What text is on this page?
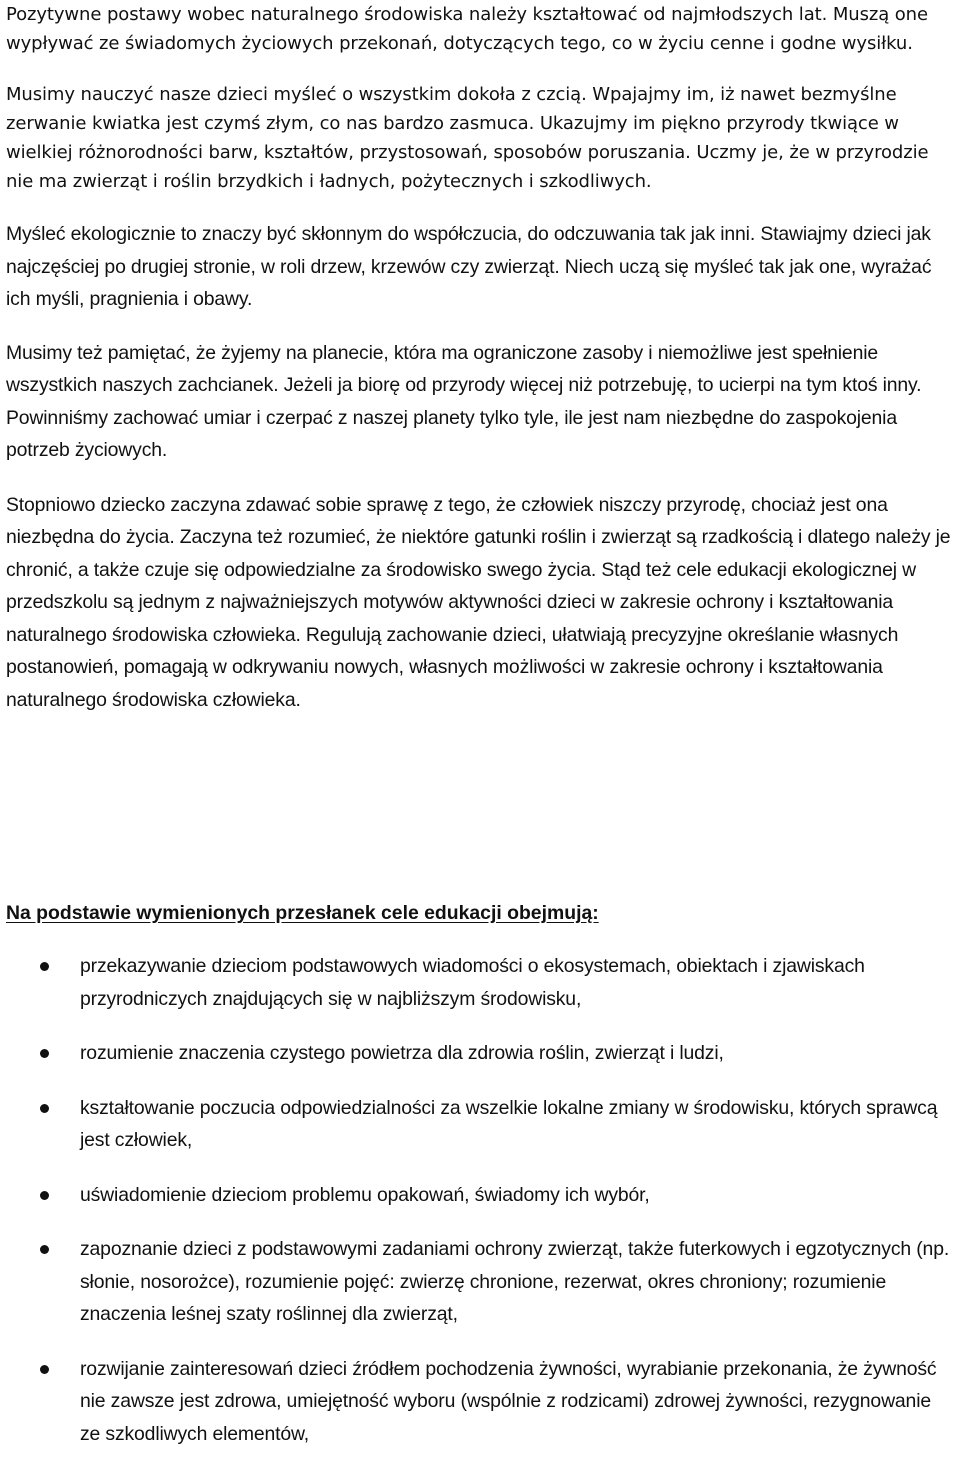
Pozytywne postawy wobec naturalnego środowiska należy kształtować od najmłodszych lat. Muszą one wypływać ze świadomych życiowych przekonań, dotyczących tego, co w życiu cenne i godne wysiłku.

Musimy nauczyć nasze dzieci myśleć o wszystkim dokoła z czcią. Wpajajmy im, iż nawet bezmyślne zerwanie kwiatka jest czymś złym, co nas bardzo zasmuca. Ukazujmy im piękno przyrody tkwiące w wielkiej różnorodności barw, kształtów, przystosowań, sposobów poruszania. Uczmy je, że w przyrodzie nie ma zwierząt i roślin brzydkich i ładnych, pożytecznych i szkodliwych.

Myśleć ekologicznie to znaczy być skłonnym do współczucia, do odczuwania tak jak inni. Stawiajmy dzieci jak najczęściej po drugiej stronie, w roli drzew, krzewów czy zwierząt. Niech uczą się myśleć tak jak one, wyrażać ich myśli, pragnienia i obawy.

Musimy też pamiętać, że żyjemy na planecie, która ma ograniczone zasoby i niemożliwe jest spełnienie wszystkich naszych zachcianek. Jeżeli ja biorę od przyrody więcej niż potrzebuję, to ucierpi na tym ktoś inny. Powinniśmy zachować umiar i czerpać z naszej planety tylko tyle, ile jest nam niezbędne do zaspokojenia potrzeb życiowych.

Stopniowo dziecko zaczyna zdawać sobie sprawę z tego, że człowiek niszczy przyrodę, chociaż jest ona niezbędna do życia. Zaczyna też rozumieć, że niektóre gatunki roślin i zwierząt są rzadkością i dlatego należy je chronić, a także czuje się odpowiedzialne za środowisko swego życia. Stąd też cele edukacji ekologicznej w przedszkolu są jednym z najważniejszych motywów aktywności dzieci w zakresie ochrony i kształtowania naturalnego środowiska człowieka. Regulują zachowanie dzieci, ułatwiają precyzyjne określanie własnych postanowień, pomagają w odkrywaniu nowych, własnych możliwości w zakresie ochrony i kształtowania naturalnego środowiska człowieka.

Na podstawie wymienionych przesłanek cele edukacji obejmują:

przekazywanie dzieciom podstawowych wiadomości o ekosystemach, obiektach i zjawiskach przyrodniczych znajdujących się w najbliższym środowisku,
rozumienie znaczenia czystego powietrza dla zdrowia roślin, zwierząt i ludzi,
kształtowanie poczucia odpowiedzialności za wszelkie lokalne zmiany w środowisku, których sprawcą jest człowiek,
uświadomienie dzieciom problemu opakowań, świadomy ich wybór,
zapoznanie dzieci z podstawowymi zadaniami ochrony zwierząt, także futerkowych i egzotycznych (np. słonie, nosorożce), rozumienie pojęć: zwierzę chronione, rezerwat, okres chroniony; rozumienie znaczenia leśnej szaty roślinnej dla zwierząt,
rozwijanie zainteresowań dzieci źródłem pochodzenia żywności, wyrabianie przekonania, że żywność nie zawsze jest zdrowa, umiejętność wyboru (wspólnie z rodzicami) zdrowej żywności, rezygnowanie ze szkodliwych elementów,
